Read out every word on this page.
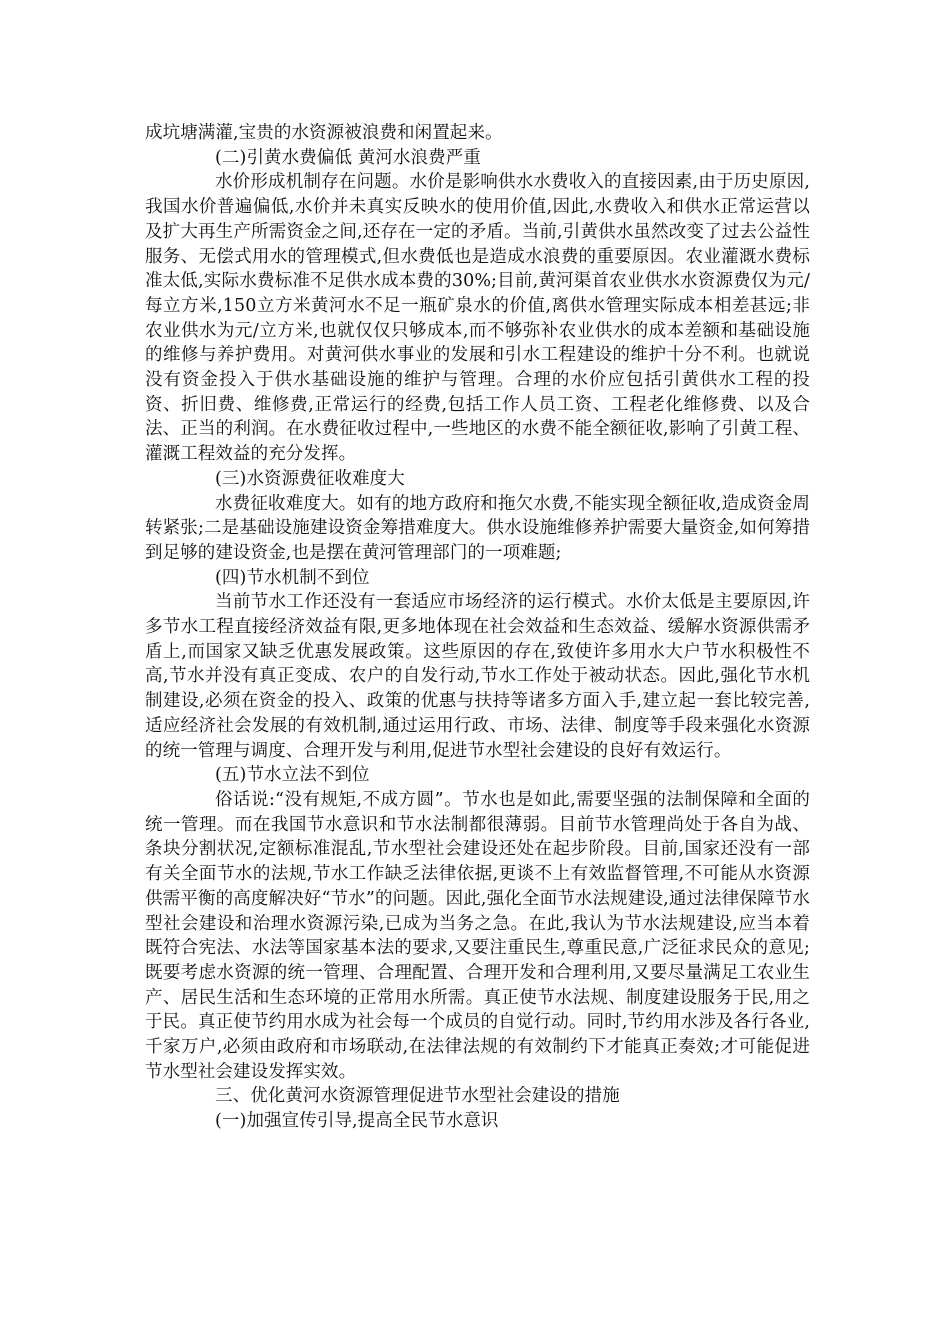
成坑塘满灌,宝贵的水资源被浪费和闲置起来。

(二)引黄水费偏低 黄河水浪费严重

水价形成机制存在问题。水价是影响供水水费收入的直接因素,由于历史原因,我国水价普遍偏低,水价并未真实反映水的使用价值,因此,水费收入和供水正常运营以及扩大再生产所需资金之间,还存在一定的矛盾。当前,引黄供水虽然改变了过去公益性服务、无偿式用水的管理模式,但水费低也是造成水浪费的重要原因。农业灌溉水费标准太低,实际水费标准不足供水成本费的30%;目前,黄河渠首农业供水水资源费仅为元/每立方米,150立方米黄河水不足一瓶矿泉水的价值,离供水管理实际成本相差甚远;非农业供水为元/立方米,也就仅仅只够成本,而不够弥补农业供水的成本差额和基础设施的维修与养护费用。对黄河供水事业的发展和引水工程建设的维护十分不利。也就说没有资金投入于供水基础设施的维护与管理。合理的水价应包括引黄供水工程的投资、折旧费、维修费,正常运行的经费,包括工作人员工资、工程老化维修费、以及合法、正当的利润。在水费征收过程中,一些地区的水费不能全额征收,影响了引黄工程、灌溉工程效益的充分发挥。

(三)水资源费征收难度大

水费征收难度大。如有的地方政府和拖欠水费,不能实现全额征收,造成资金周转紧张;二是基础设施建设资金筹措难度大。供水设施维修养护需要大量资金,如何筹措到足够的建设资金,也是摆在黄河管理部门的一项难题;

(四)节水机制不到位

当前节水工作还没有一套适应市场经济的运行模式。水价太低是主要原因,许多节水工程直接经济效益有限,更多地体现在社会效益和生态效益、缓解水资源供需矛盾上,而国家又缺乏优惠发展政策。这些原因的存在,致使许多用水大户节水积极性不高,节水并没有真正变成、农户的自发行动,节水工作处于被动状态。因此,强化节水机制建设,必须在资金的投入、政策的优惠与扶持等诸多方面入手,建立起一套比较完善,适应经济社会发展的有效机制,通过运用行政、市场、法律、制度等手段来强化水资源的统一管理与调度、合理开发与利用,促进节水型社会建设的良好有效运行。

(五)节水立法不到位

俗话说:“没有规矩,不成方圆”。节水也是如此,需要坚强的法制保障和全面的统一管理。而在我国节水意识和节水法制都很薄弱。目前节水管理尚处于各自为战、条块分割状况,定额标准混乱,节水型社会建设还处在起步阶段。目前,国家还没有一部有关全面节水的法规,节水工作缺乏法律依据,更谈不上有效监督管理,不可能从水资源供需平衡的高度解决好“节水”的问题。因此,强化全面节水法规建设,通过法律保障节水型社会建设和治理水资源污染,已成为当务之急。在此,我认为节水法规建设,应当本着既符合宪法、水法等国家基本法的要求,又要注重民生,尊重民意,广泛征求民众的意见;既要考虑水资源的统一管理、合理配置、合理开发和合理利用,又要尽量满足工农业生产、居民生活和生态环境的正常用水所需。真正使节水法规、制度建设服务于民,用之于民。真正使节约用水成为社会每一个成员的自觉行动。同时,节约用水涉及各行各业,千家万户,必须由政府和市场联动,在法律法规的有效制约下才能真正奏效;才可能促进节水型社会建设发挥实效。

三、优化黄河水资源管理促进节水型社会建设的措施

(一)加强宣传引导,提高全民节水意识
